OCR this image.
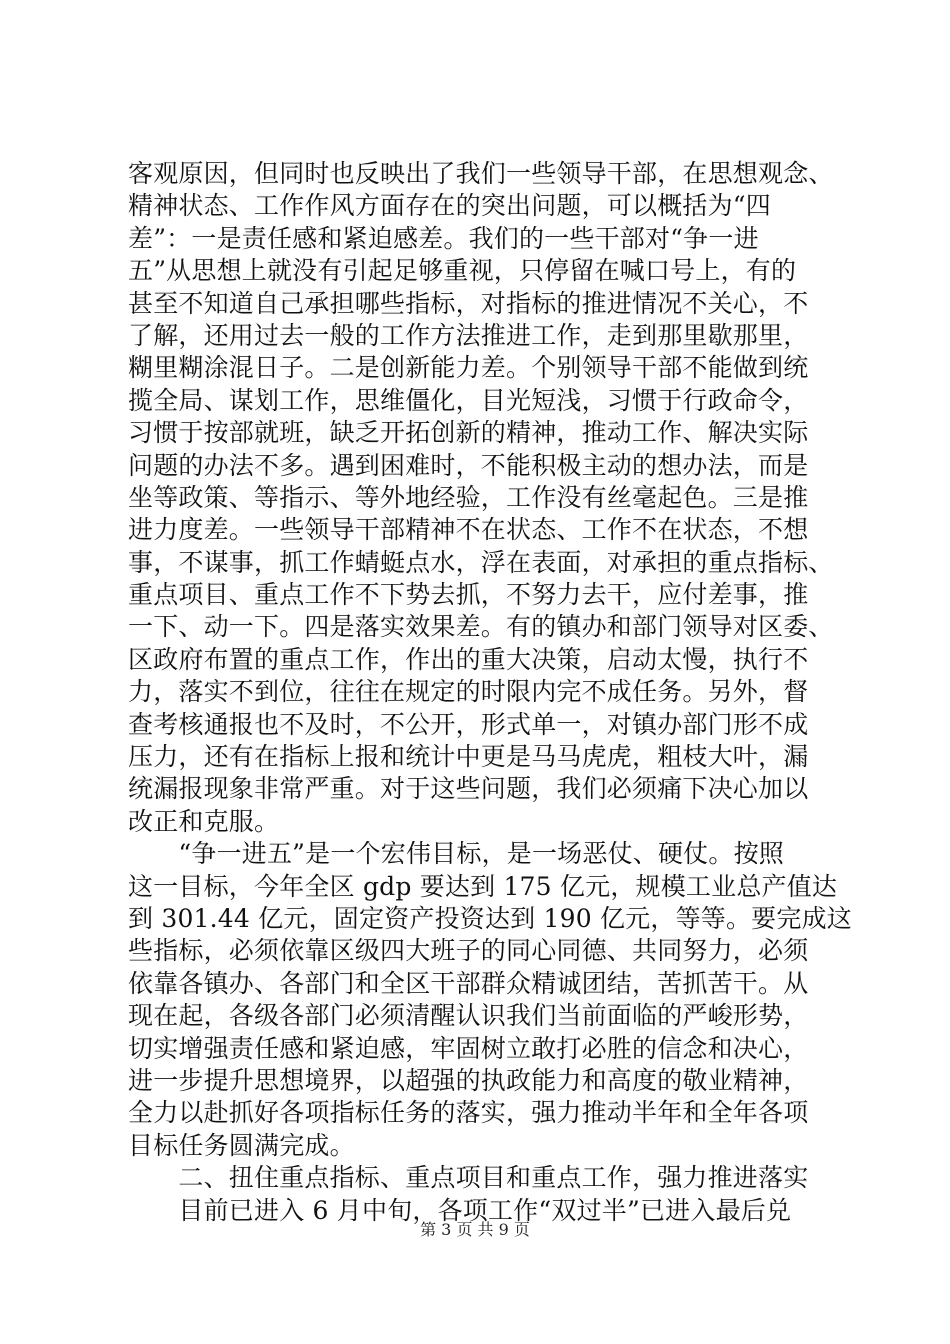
客观原因，但同时也反映出了我们一些领导干部，在思想观念、
精神状态、工作作风方面存在的突出问题，可以概括为“四
差”：一是责任感和紧迫感差。我们的一些干部对“争一进
五”从思想上就没有引起足够重视，只停留在喊口号上，有的
甚至不知道自己承担哪些指标，对指标的推进情况不关心，不
了解，还用过去一般的工作方法推进工作，走到那里歇那里，
糊里糊涂混日子。二是创新能力差。个别领导干部不能做到统
揽全局、谋划工作，思维僵化，目光短浅，习惯于行政命令，
习惯于按部就班，缺乏开拓创新的精神，推动工作、解决实际
问题的办法不多。遇到困难时，不能积极主动的想办法，而是
坐等政策、等指示、等外地经验，工作没有丝毫起色。三是推
进力度差。一些领导干部精神不在状态、工作不在状态，不想
事，不谋事，抓工作蜻蜓点水，浮在表面，对承担的重点指标、
重点项目、重点工作不下势去抓，不努力去干，应付差事，推
一下、动一下。四是落实效果差。有的镇办和部门领导对区委、
区政府布置的重点工作，作出的重大决策，启动太慢，执行不
力，落实不到位，往往在规定的时限内完不成任务。另外，督
查考核通报也不及时，不公开，形式单一，对镇办部门形不成
压力，还有在指标上报和统计中更是马马虎虎，粗枝大叶，漏
统漏报现象非常严重。对于这些问题，我们必须痛下决心加以
改正和克服。
　　“争一进五”是一个宏伟目标，是一场恶仗、硬仗。按照
这一目标，今年全区 gdp 要达到 175 亿元，规模工业总产值达
到 301.44 亿元，固定资产投资达到 190 亿元，等等。要完成这
些指标，必须依靠区级四大班子的同心同德、共同努力，必须
依靠各镇办、各部门和全区干部群众精诚团结，苦抓苦干。从
现在起，各级各部门必须清醒认识我们当前面临的严峻形势，
切实增强责任感和紧迫感，牢固树立敢打必胜的信念和决心，
进一步提升思想境界，以超强的执政能力和高度的敬业精神，
全力以赴抓好各项指标任务的落实，强力推动半年和全年各项
目标任务圆满完成。
　　二、扭住重点指标、重点项目和重点工作，强力推进落实
　　目前已进入 6 月中旬，各项工作“双过半”已进入最后兑
第 3 页 共 9 页
